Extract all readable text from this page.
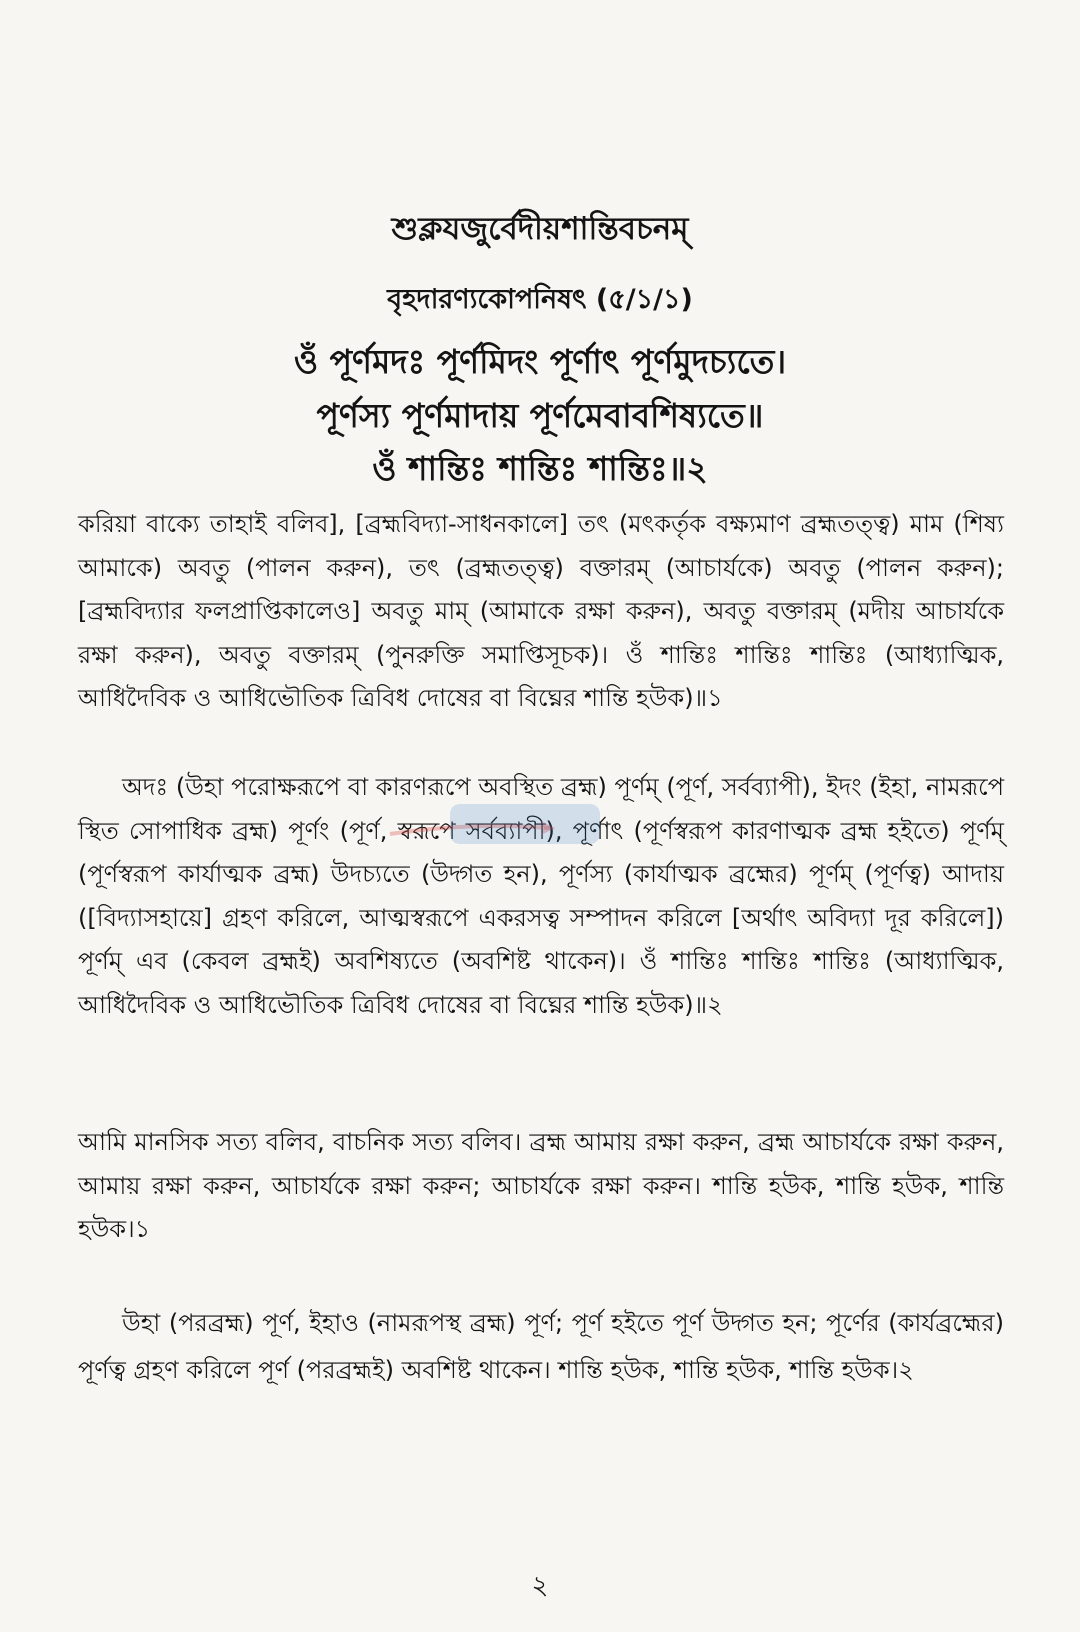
শুক্লযজুর্বেদীয়শান্তিবচনম্
বৃহদারণ্যকোপনিষৎ (৫/১/১)
ওঁ পূর্ণমদঃ পূর্ণমিদং পূর্ণাৎ পূর্ণমুদচ্যতে।
পূর্ণস্য পূর্ণমাদায় পূর্ণমেবাবশিষ্যতে॥
ওঁ শান্তিঃ শান্তিঃ শান্তিঃ॥২
করিয়া বাক্যে তাহাই বলিব], [ব্রহ্মবিদ্যা-সাধনকালে] তৎ (মৎকর্তৃক বক্ষ্যমাণ ব্রহ্মতত্ত্ব) মাম (শিষ্য আমাকে) অবতু (পালন করুন), তৎ (ব্রহ্মতত্ত্ব) বক্তারম্ (আচার্যকে) অবতু (পালন করুন); [ব্রহ্মবিদ্যার ফলপ্রাপ্তিকালেও] অবতু মাম্ (আমাকে রক্ষা করুন), অবতু বক্তারম্ (মদীয় আচার্যকে রক্ষা করুন), অবতু বক্তারম্ (পুনরুক্তি সমাপ্তিসূচক)। ওঁ শান্তিঃ শান্তিঃ শান্তিঃ (আধ্যাত্মিক, আধিদৈবিক ও আধিভৌতিক ত্রিবিধ দোষের বা বিঘ্নের শান্তি হউক)॥১
অদঃ (উহা পরোক্ষরূপে বা কারণরূপে অবস্থিত ব্রহ্ম) পূর্ণম্ (পূর্ণ, সর্বব্যাপী), ইদং (ইহা, নামরূপে স্থিত সোপাধিক ব্রহ্ম) পূর্ণং (পূর্ণ, স্বরূপে সর্বব্যাপী), পূর্ণাৎ (পূর্ণস্বরূপ কারণাত্মক ব্রহ্ম হইতে) পূর্ণম্ (পূর্ণস্বরূপ কার্যাত্মক ব্রহ্ম) উদচ্যতে (উদ্গত হন), পূর্ণস্য (কার্যাত্মক ব্রহ্মের) পূর্ণম্ (পূর্ণত্ব) আদায় ([বিদ্যাসহায়ে] গ্রহণ করিলে, আত্মস্বরূপে একরসত্ব সম্পাদন করিলে [অর্থাৎ অবিদ্যা দূর করিলে]) পূর্ণম্ এব (কেবল ব্রহ্মই) অবশিষ্যতে (অবশিষ্ট থাকেন)। ওঁ শান্তিঃ শান্তিঃ শান্তিঃ (আধ্যাত্মিক, আধিদৈবিক ও আধিভৌতিক ত্রিবিধ দোষের বা বিঘ্নের শান্তি হউক)॥২
আমি মানসিক সত্য বলিব, বাচনিক সত্য বলিব। ব্রহ্ম আমায় রক্ষা করুন, ব্রহ্ম আচার্যকে রক্ষা করুন, আমায় রক্ষা করুন, আচার্যকে রক্ষা করুন; আচার্যকে রক্ষা করুন। শান্তি হউক, শান্তি হউক, শান্তি হউক।১
উহা (পরব্রহ্ম) পূর্ণ, ইহাও (নামরূপস্থ ব্রহ্ম) পূর্ণ; পূর্ণ হইতে পূর্ণ উদ্গত হন; পূর্ণের (কার্যব্রহ্মের) পূর্ণত্ব গ্রহণ করিলে পূর্ণ (পরব্রহ্মই) অবশিষ্ট থাকেন। শান্তি হউক, শান্তি হউক, শান্তি হউক।২
২
